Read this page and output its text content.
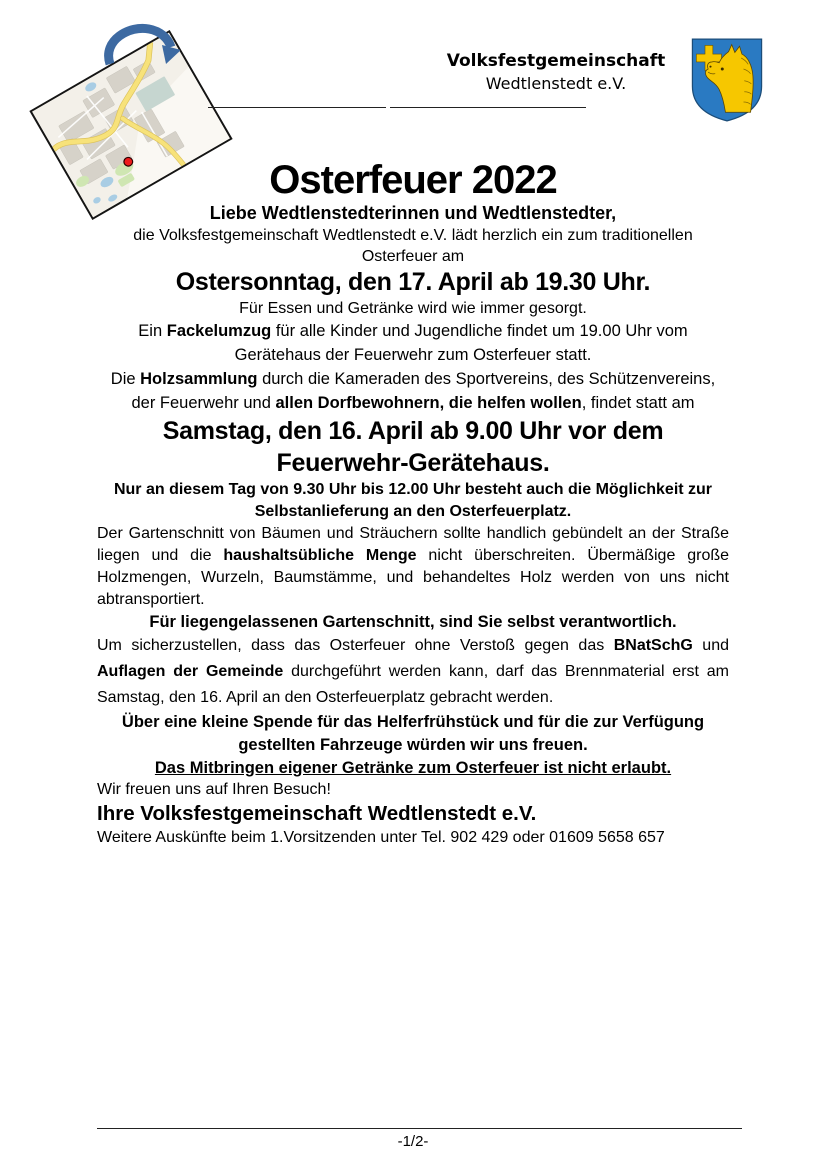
Volksfestgemeinschaft
Wedtlenstedt e.V.
Osterfeuer 2022

Liebe Wedtlenstedterinnen und Wedtlenstedter,

die Volksfestgemeinschaft Wedtlenstedt e.V. lädt herzlich ein zum traditionellen Osterfeuer am

Ostersonntag, den 17. April ab 19.30 Uhr.

Für Essen und Getränke wird wie immer gesorgt.

Ein Fackelumzug für alle Kinder und Jugendliche findet um 19.00 Uhr vom Gerätehaus der Feuerwehr zum Osterfeuer statt.

Die Holzsammlung durch die Kameraden des Sportvereins, des Schützenvereins, der Feuerwehr und allen Dorfbewohnern, die helfen wollen, findet statt am

Samstag, den 16. April ab 9.00 Uhr vor dem Feuerwehr-Gerätehaus.

Nur an diesem Tag von 9.30 Uhr bis 12.00 Uhr besteht auch die Möglichkeit zur Selbstanlieferung an den Osterfeuerplatz.

Der Gartenschnitt von Bäumen und Sträuchern sollte handlich gebündelt an der Straße liegen und die haushaltsübliche Menge nicht überschreiten. Übermäßige große Holzmengen, Wurzeln, Baumstämme, und behandeltes Holz werden von uns nicht abtransportiert.

Für liegengelassenen Gartenschnitt, sind Sie selbst verantwortlich.

Um sicherzustellen, dass das Osterfeuer ohne Verstoß gegen das BNatSchG und Auflagen der Gemeinde durchgeführt werden kann, darf das Brennmaterial erst am Samstag, den 16. April an den Osterfeuerplatz gebracht werden.

Über eine kleine Spende für das Helferfrühstück und für die zur Verfügung gestellten Fahrzeuge würden wir uns freuen.

Das Mitbringen eigener Getränke zum Osterfeuer ist nicht erlaubt.

Wir freuen uns auf Ihren Besuch!

Ihre Volksfestgemeinschaft Wedtlenstedt e.V.

Weitere Auskünfte beim 1.Vorsitzenden unter Tel. 902 429 oder 01609 5658 657

-1/2-
